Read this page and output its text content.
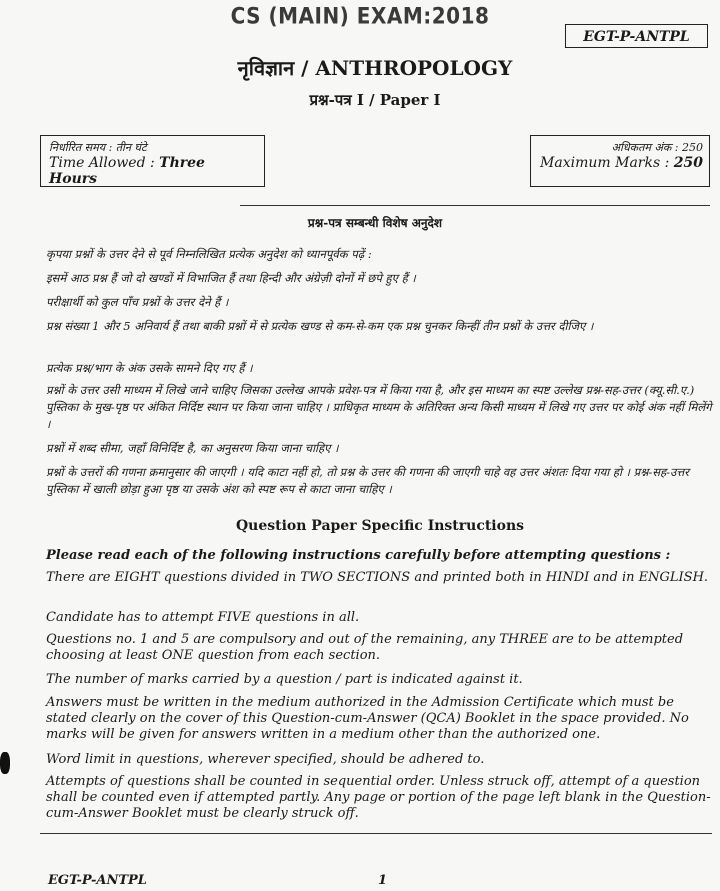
CS (MAIN) EXAM:2018
EGT-P-ANTPL
नृविज्ञान / ANTHROPOLOGY
प्रश्न-पत्र I / Paper I
निर्धारित समय : तीन घंटे
Time Allowed : Three Hours
अधिकतम अंक : 250
Maximum Marks : 250
प्रश्न-पत्र सम्बन्धी विशेष अनुदेश
कृपया प्रश्नों के उत्तर देने से पूर्व निम्नलिखित प्रत्येक अनुदेश को ध्यानपूर्वक पढ़ें :
इसमें आठ प्रश्न हैं जो दो खण्डों में विभाजित हैं तथा हिन्दी और अंग्रेज़ी दोनों में छपे हुए हैं ।
परीक्षार्थी को कुल पाँच प्रश्नों के उत्तर देने हैं ।
प्रश्न संख्या 1 और 5 अनिवार्य हैं तथा बाकी प्रश्नों में से प्रत्येक खण्ड से कम-से-कम एक प्रश्न चुनकर किन्हीं तीन प्रश्नों के उत्तर दीजिए ।
प्रत्येक प्रश्न/भाग के अंक उसके सामने दिए गए हैं ।
प्रश्नों के उत्तर उसी माध्यम में लिखे जाने चाहिए जिसका उल्लेख आपके प्रवेश-पत्र में किया गया है, और इस माध्यम का स्पष्ट उल्लेख प्रश्न-सह-उत्तर (क्यू.सी.ए.) पुस्तिका के मुख-पृष्ठ पर अंकित निर्दिष्ट स्थान पर किया जाना चाहिए । प्राधिकृत माध्यम के अतिरिक्त अन्य किसी माध्यम में लिखे गए उत्तर पर कोई अंक नहीं मिलेंगे ।
प्रश्नों में शब्द सीमा, जहाँ विनिर्दिष्ट है, का अनुसरण किया जाना चाहिए ।
प्रश्नों के उत्तरों की गणना क्रमानुसार की जाएगी । यदि काटा नहीं हो, तो प्रश्न के उत्तर की गणना की जाएगी चाहे वह उत्तर अंशतः दिया गया हो । प्रश्न-सह-उत्तर पुस्तिका में खाली छोड़ा हुआ पृष्ठ या उसके अंश को स्पष्ट रूप से काटा जाना चाहिए ।
Question Paper Specific Instructions
Please read each of the following instructions carefully before attempting questions :
There are EIGHT questions divided in TWO SECTIONS and printed both in HINDI and in ENGLISH.
Candidate has to attempt FIVE questions in all.
Questions no. 1 and 5 are compulsory and out of the remaining, any THREE are to be attempted choosing at least ONE question from each section.
The number of marks carried by a question / part is indicated against it.
Answers must be written in the medium authorized in the Admission Certificate which must be stated clearly on the cover of this Question-cum-Answer (QCA) Booklet in the space provided. No marks will be given for answers written in a medium other than the authorized one.
Word limit in questions, wherever specified, should be adhered to.
Attempts of questions shall be counted in sequential order. Unless struck off, attempt of a question shall be counted even if attempted partly. Any page or portion of the page left blank in the Question-cum-Answer Booklet must be clearly struck off.
EGT-P-ANTPL	1
